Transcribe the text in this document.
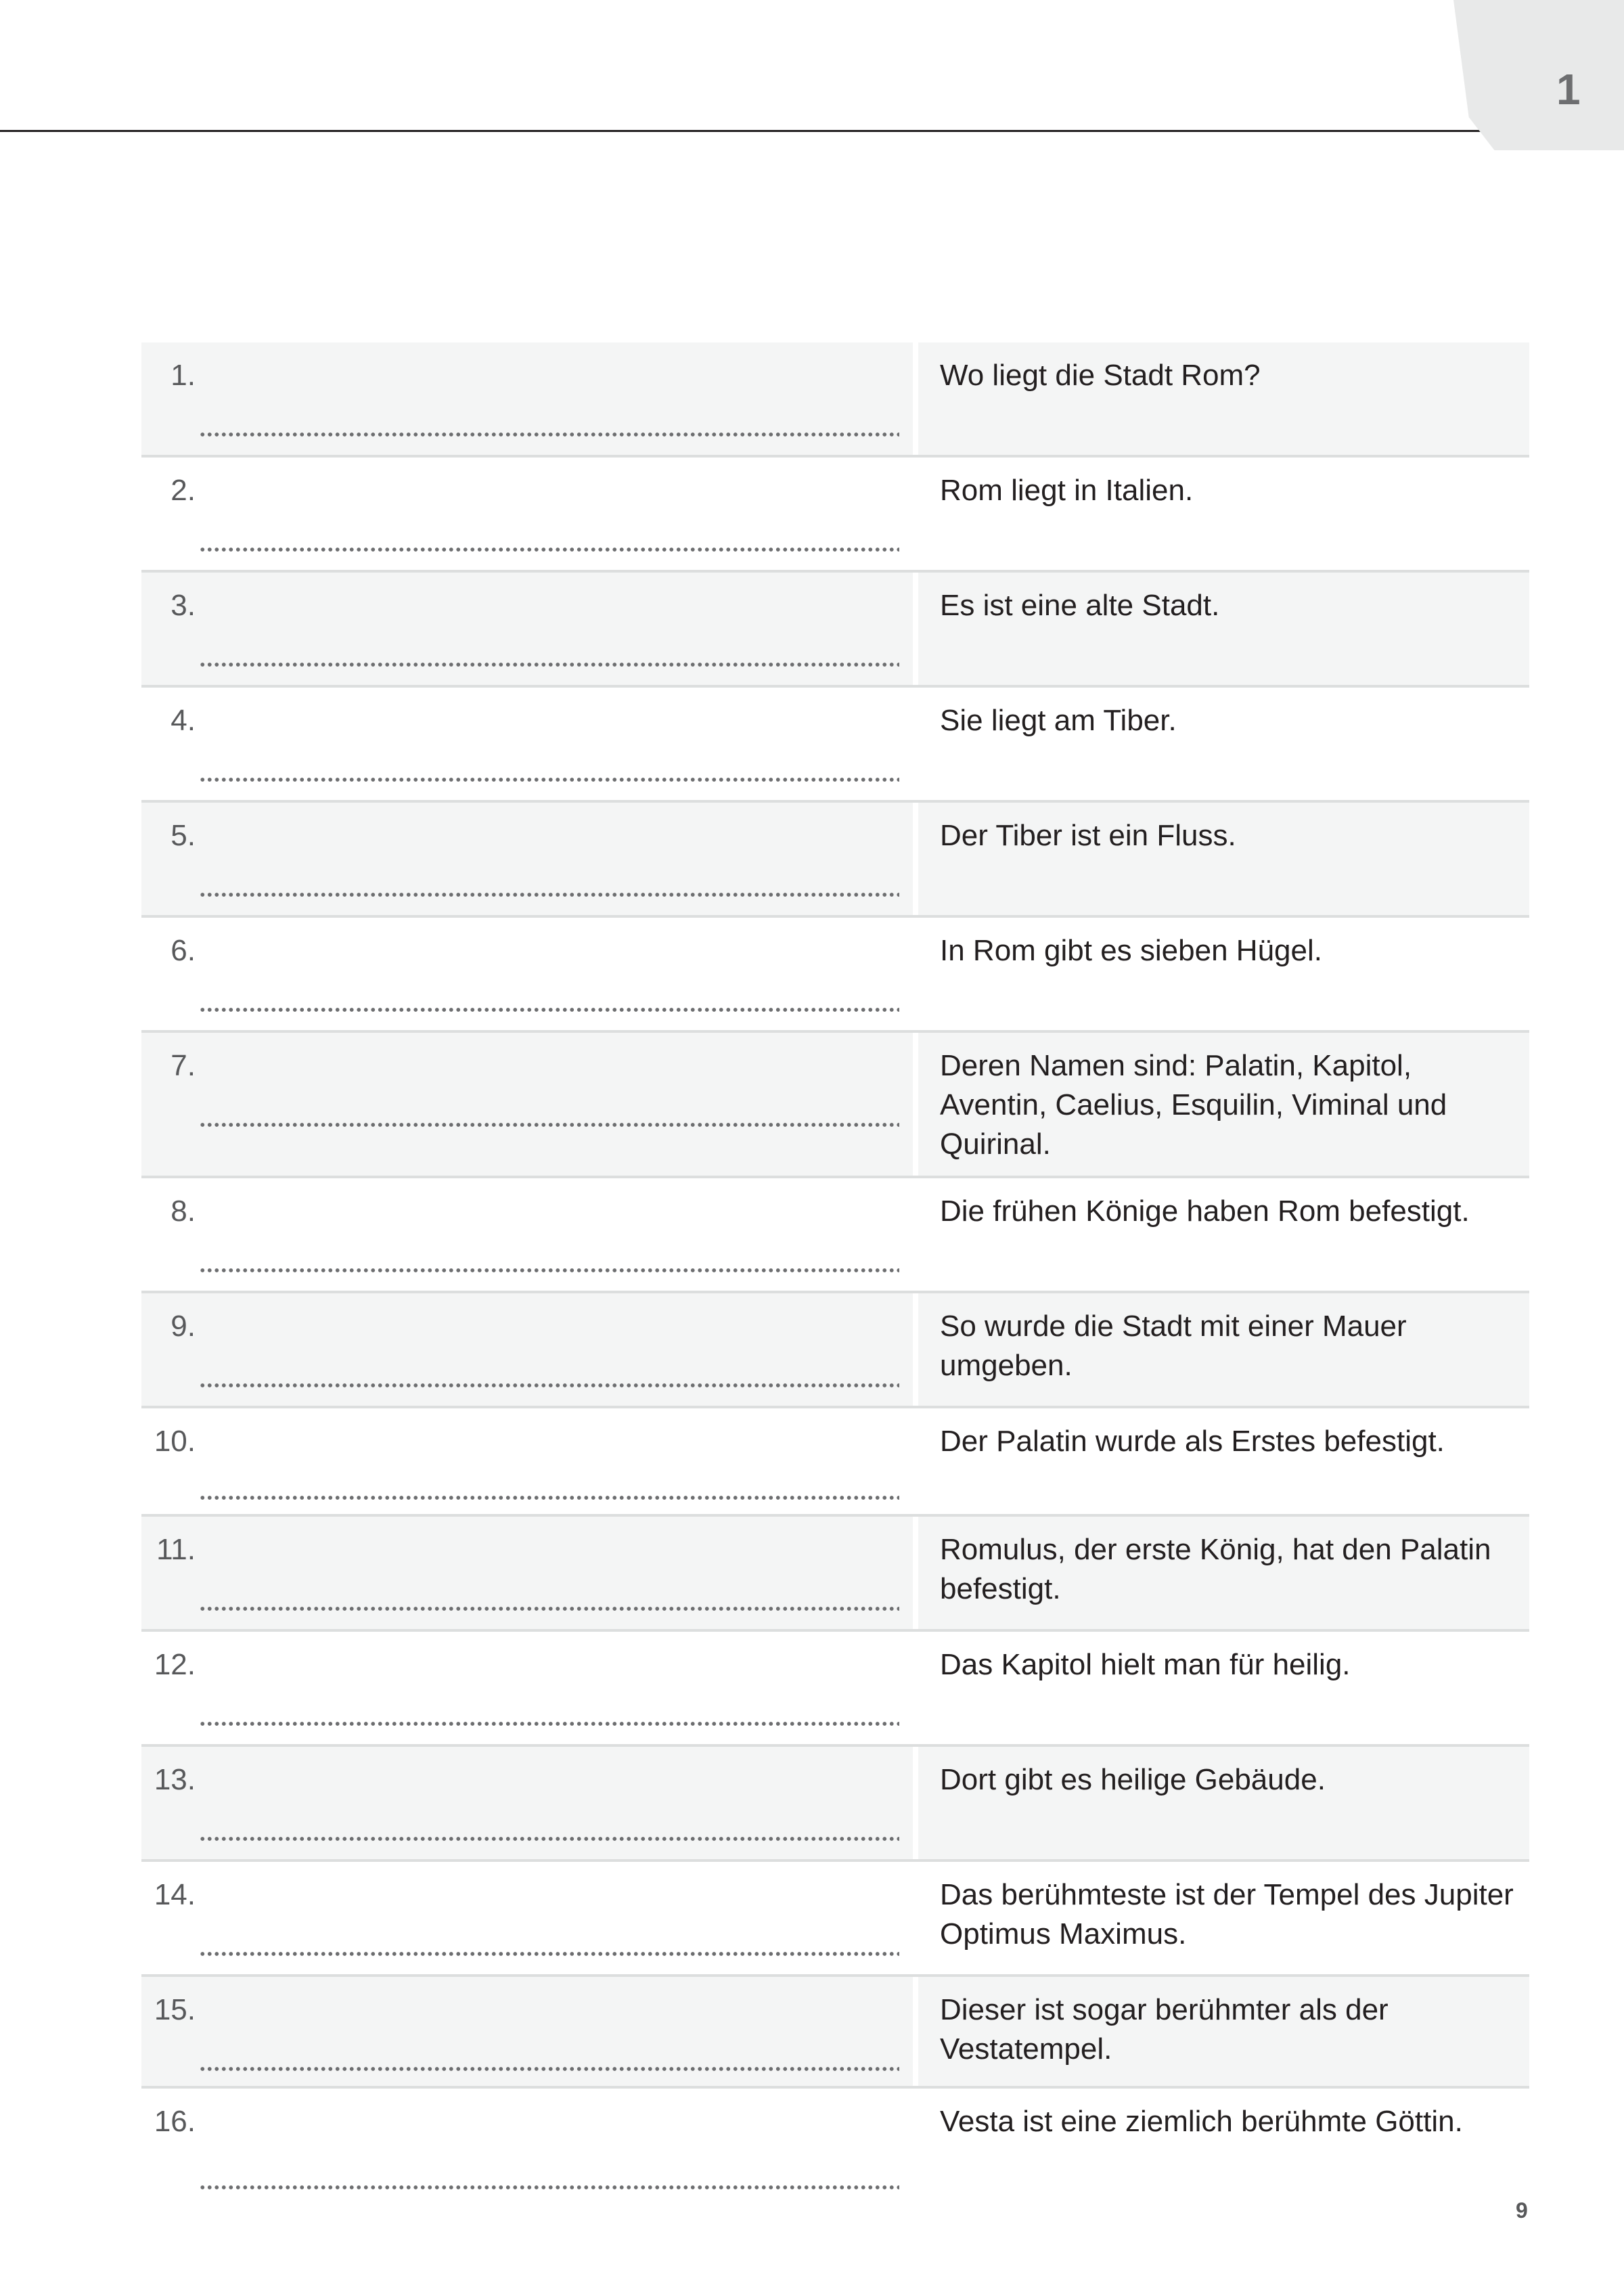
1
1.	Wo liegt die Stadt Rom?
2.	Rom liegt in Italien.
3.	Es ist eine alte Stadt.
4.	Sie liegt am Tiber.
5.	Der Tiber ist ein Fluss.
6.	In Rom gibt es sieben Hügel.
7.	Deren Namen sind: Palatin, Kapitol, Aventin, Caelius, Esquilin, Viminal und Quirinal.
8.	Die frühen Könige haben Rom befestigt.
9.	So wurde die Stadt mit einer Mauer umgeben.
10.	Der Palatin wurde als Erstes befestigt.
11.	Romulus, der erste König, hat den Palatin befestigt.
12.	Das Kapitol hielt man für heilig.
13.	Dort gibt es heilige Gebäude.
14.	Das berühmteste ist der Tempel des Jupiter Optimus Maximus.
15.	Dieser ist sogar berühmter als der Vestatempel.
16.	Vesta ist eine ziemlich berühmte Göttin.
9
